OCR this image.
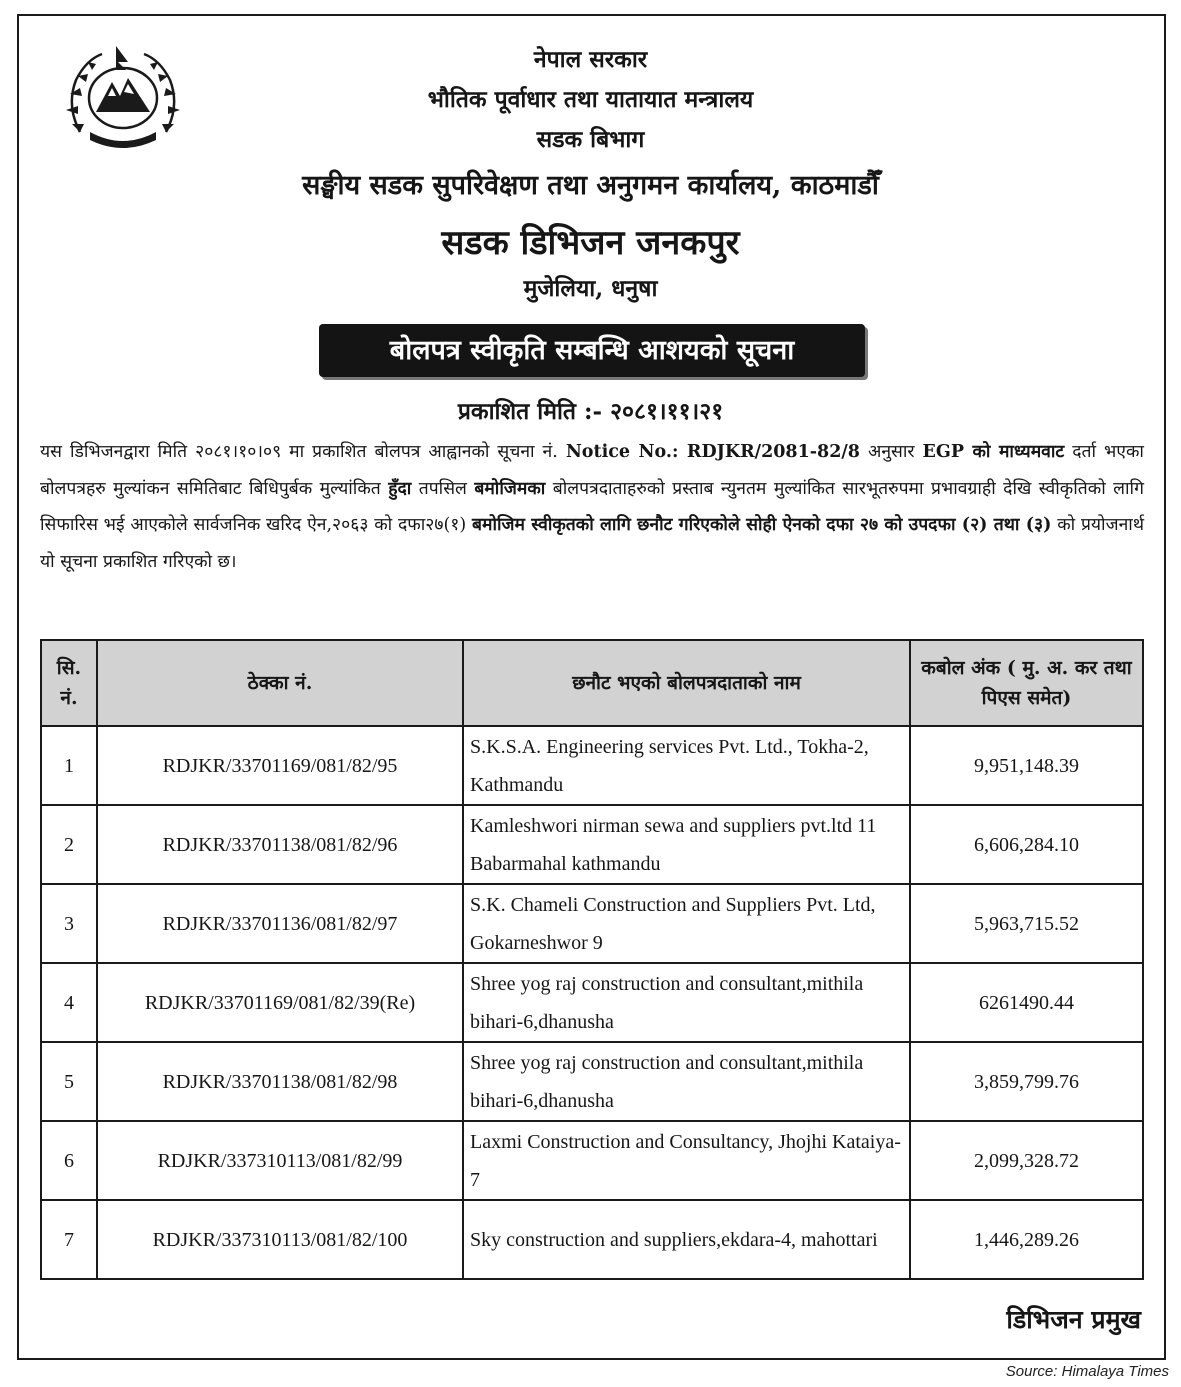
नेपाल सरकार
भौतिक पूर्वाधार तथा यातायात मन्त्रालय
सडक बिभाग
सङ्घीय सडक सुपरिवेक्षण तथा अनुगमन कार्यालय, काठमाडौँ
सडक डिभिजन जनकपुर
मुजेलिया, धनुषा
बोलपत्र स्वीकृति सम्बन्धि आशयको सूचना
प्रकाशित मिति :- २०८१।११।२१
यस डिभिजनद्वारा मिति २०८१।१०।०९ मा प्रकाशित बोलपत्र आह्वानको सूचना नं. Notice No.: RDJKR/2081-82/8 अनुसार EGP को माध्यमवाट दर्ता भएका बोलपत्रहरु मुल्यांकन समितिबाट बिधिपुर्बक मुल्यांकित हुँदा तपसिल बमोजिमका बोलपत्रदाताहरुको प्रस्ताब न्युनतम मुल्यांकित सारभूतरुपमा प्रभावग्राही देखि स्वीकृतिको लागि सिफारिस भई आएकोले सार्वजनिक खरिद ऐन,२०६३ को दफा२७(१) बमोजिम स्वीकृतको लागि छनौट गरिएकोले सोही ऐनको दफा २७ को उपदफा (२) तथा (३) को प्रयोजनार्थ यो सूचना प्रकाशित गरिएको छ।
सि. नं.	ठेक्का नं.	छनौट भएको बोलपत्रदाताको नाम	कबोल अंक ( मु. अ. कर तथा पिएस समेत)
1	RDJKR/33701169/081/82/95	S.K.S.A. Engineering services Pvt. Ltd., Tokha-2, Kathmandu	9,951,148.39
2	RDJKR/33701138/081/82/96	Kamleshwori nirman sewa and suppliers pvt.ltd 11 Babarmahal kathmandu	6,606,284.10
3	RDJKR/33701136/081/82/97	S.K. Chameli Construction and Suppliers Pvt. Ltd, Gokarneshwor 9	5,963,715.52
4	RDJKR/33701169/081/82/39(Re)	Shree yog raj construction and consultant,mithila bihari-6,dhanusha	6261490.44
5	RDJKR/33701138/081/82/98	Shree yog raj construction and consultant,mithila bihari-6,dhanusha	3,859,799.76
6	RDJKR/337310113/081/82/99	Laxmi Construction and Consultancy, Jhojhi Kataiya-7	2,099,328.72
7	RDJKR/337310113/081/82/100	Sky construction and suppliers,ekdara-4, mahottari	1,446,289.26
डिभिजन प्रमुख
Source: Himalaya Times
